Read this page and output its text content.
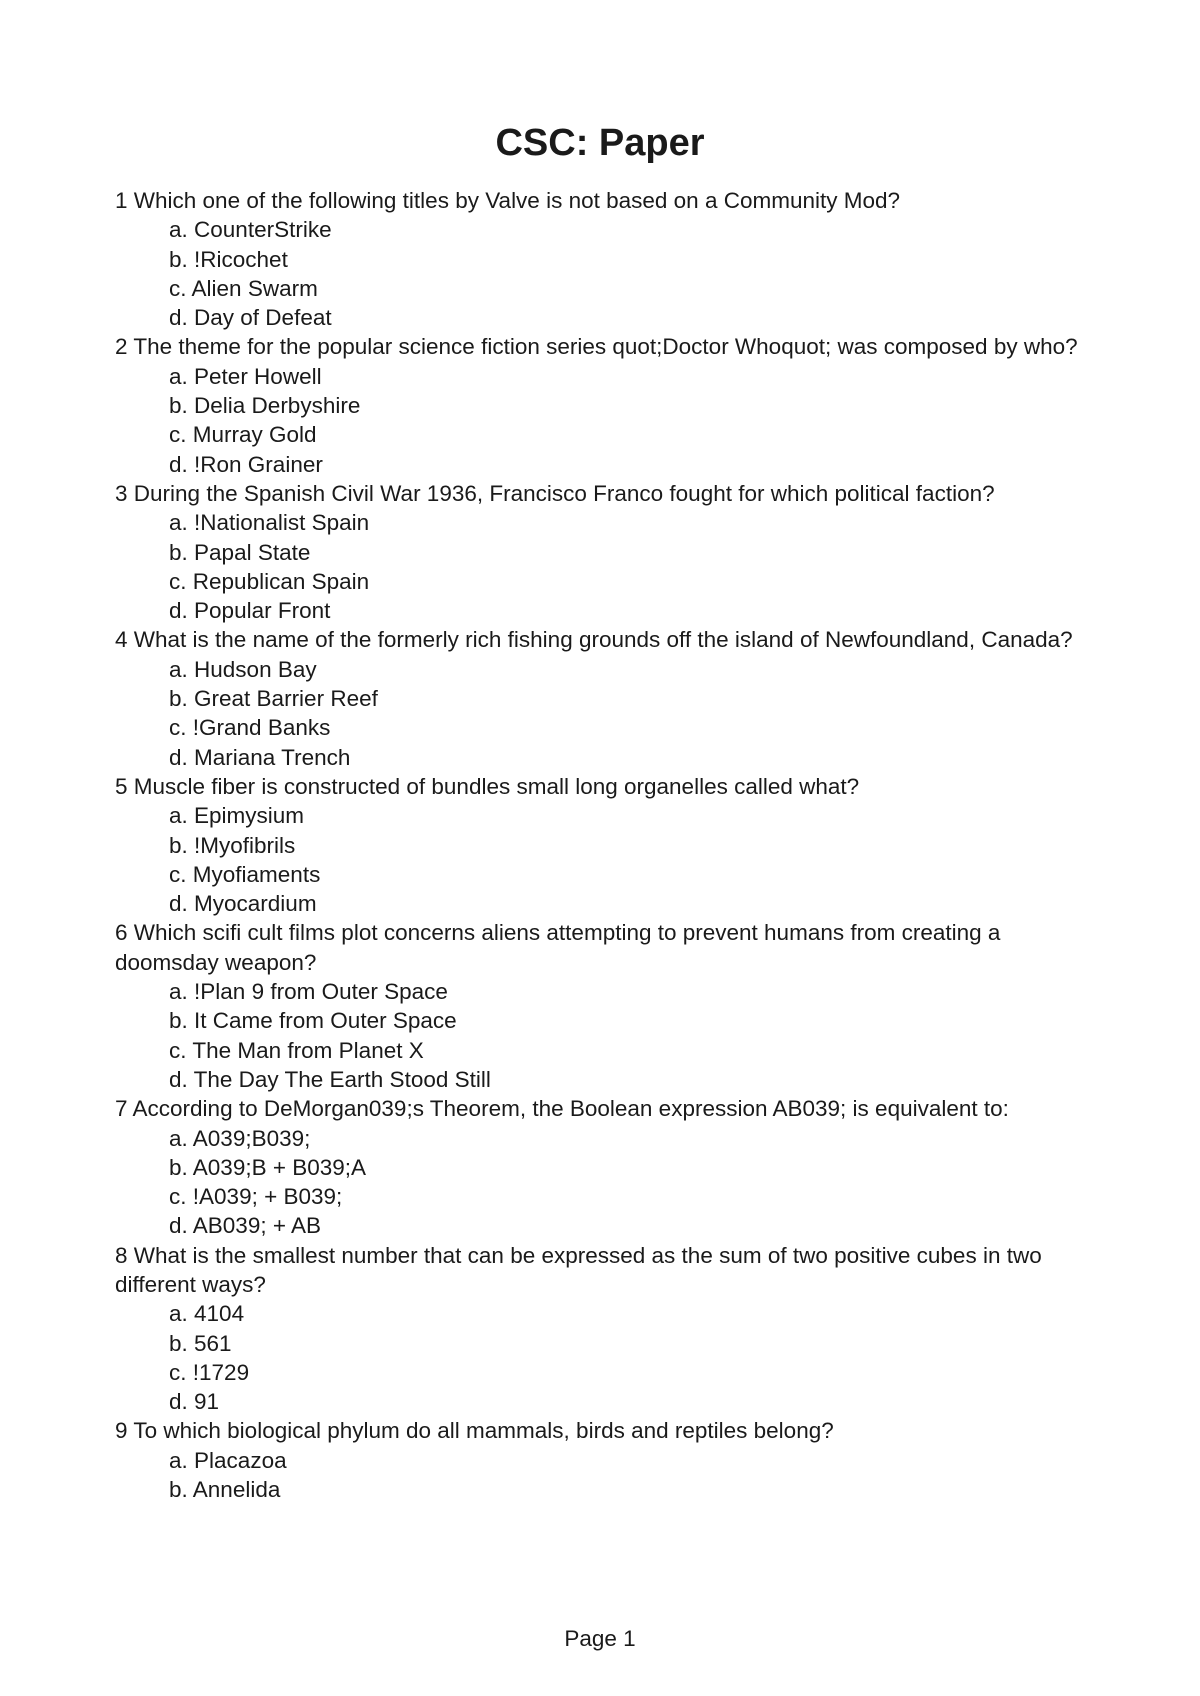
CSC: Paper

1 Which one of the following titles by Valve is not based on a Community Mod?

a. CounterStrike
b. !Ricochet
c. Alien Swarm
d. Day of Defeat

2 The theme for the popular science fiction series quot;Doctor Whoquot; was composed by who?

a. Peter Howell
b. Delia Derbyshire
c. Murray Gold
d. !Ron Grainer

3 During the Spanish Civil War 1936, Francisco Franco fought for which political faction?

a. !Nationalist Spain
b. Papal State
c. Republican Spain
d. Popular Front

4 What is the name of the formerly rich fishing grounds off the island of Newfoundland, Canada?

a. Hudson Bay
b. Great Barrier Reef
c. !Grand Banks
d. Mariana Trench

5 Muscle fiber is constructed of bundles small long organelles called what?

a. Epimysium
b. !Myofibrils
c. Myofiaments
d. Myocardium

6 Which scifi cult films plot concerns aliens attempting to prevent humans from creating a doomsday weapon?

a. !Plan 9 from Outer Space
b. It Came from Outer Space
c. The Man from Planet X
d. The Day The Earth Stood Still

7 According to DeMorgan039;s Theorem, the Boolean expression AB039; is equivalent to:

a. A039;B039;
b. A039;B + B039;A
c. !A039; + B039;
d. AB039; + AB

8 What is the smallest number that can be expressed as the sum of two positive cubes in two different ways?

a. 4104
b. 561
c. !1729
d. 91

9 To which biological phylum do all mammals, birds and reptiles belong?

a. Placazoa
b. Annelida
Page 1
